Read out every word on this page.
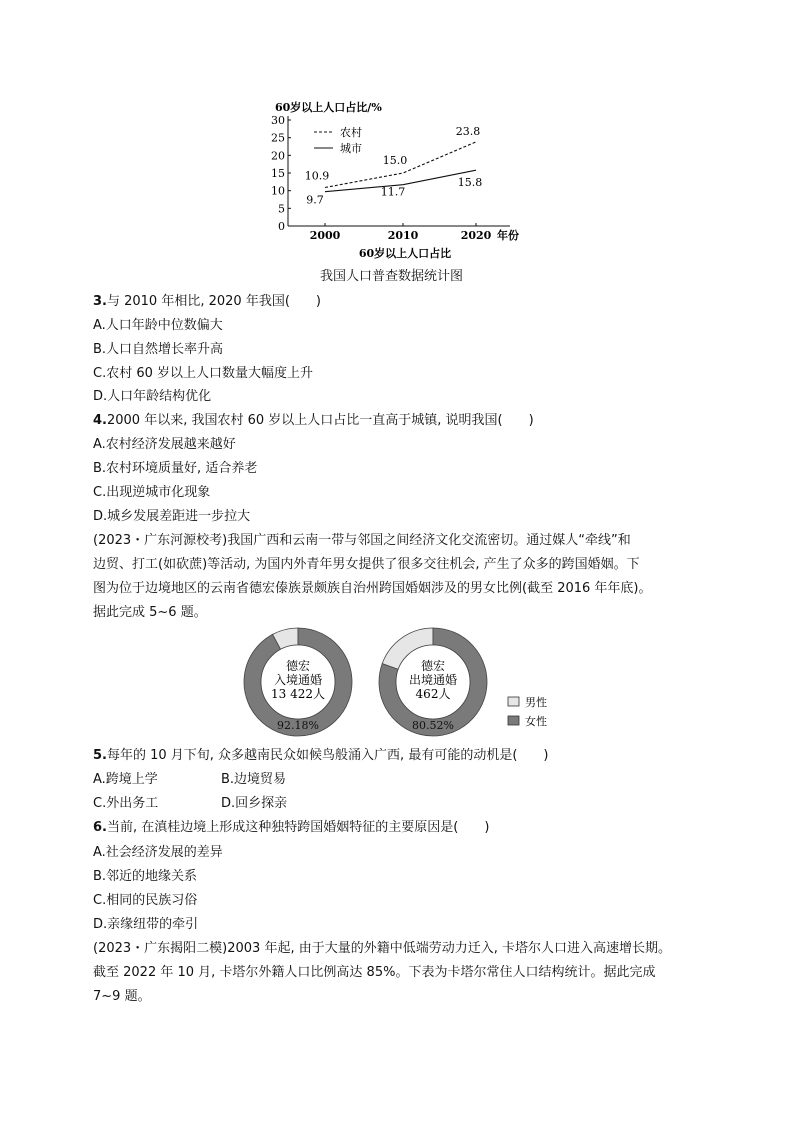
60岁以上人口占比/%
0
5
10
15
20
25
30
2000	2010	2020
10.9
15.0
23.8
9.7
11.7
15.8
农村
城市
年份
60岁以上人口占比
我国人口普查数据统计图
3.与 2010 年相比, 2020 年我国(　　)
A.人口年龄中位数偏大
B.人口自然增长率升高
C.农村 60 岁以上人口数量大幅度上升
D.人口年龄结构优化
4.2000 年以来, 我国农村 60 岁以上人口占比一直高于城镇, 说明我国(　　)
A.农村经济发展越来越好
B.农村环境质量好, 适合养老
C.出现逆城市化现象
D.城乡发展差距进一步拉大
(2023・广东河源校考)我国广西和云南一带与邻国之间经济文化交流密切。通过媒人“牵线”和
边贸、打工(如砍蔗)等活动, 为国内外青年男女提供了很多交往机会, 产生了众多的跨国婚姻。下
图为位于边境地区的云南省德宏傣族景颇族自治州跨国婚姻涉及的男女比例(截至 2016 年年底)。
据此完成 5~6 题。
德宏
入境通婚
13 422人
92.18%
德宏
出境通婚
462人
80.52%
男性
女性
5.每年的 10 月下旬, 众多越南民众如候鸟般涌入广西, 最有可能的动机是(　　)
A.跨境上学	B.边境贸易
C.外出务工	D.回乡探亲
6.当前, 在滇桂边境上形成这种独特跨国婚姻特征的主要原因是(　　)
A.社会经济发展的差异
B.邻近的地缘关系
C.相同的民族习俗
D.亲缘纽带的牵引
(2023・广东揭阳二模)2003 年起, 由于大量的外籍中低端劳动力迁入, 卡塔尔人口进入高速增长期。
截至 2022 年 10 月, 卡塔尔外籍人口比例高达 85%。下表为卡塔尔常住人口结构统计。据此完成
7~9 题。
